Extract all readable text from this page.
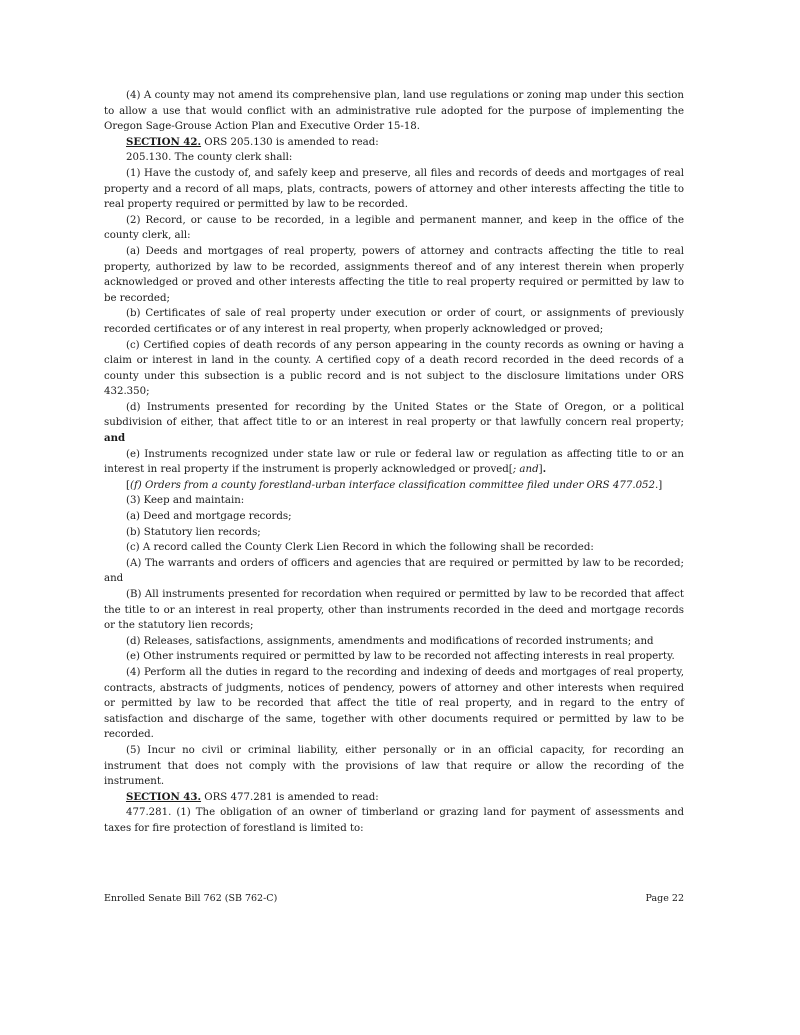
(4) A county may not amend its comprehensive plan, land use regulations or zoning map under this section to allow a use that would conflict with an administrative rule adopted for the purpose of implementing the Oregon Sage-Grouse Action Plan and Executive Order 15-18.

SECTION 42. ORS 205.130 is amended to read:

205.130. The county clerk shall:

(1) Have the custody of, and safely keep and preserve, all files and records of deeds and mortgages of real property and a record of all maps, plats, contracts, powers of attorney and other interests affecting the title to real property required or permitted by law to be recorded.

(2) Record, or cause to be recorded, in a legible and permanent manner, and keep in the office of the county clerk, all:

(a) Deeds and mortgages of real property, powers of attorney and contracts affecting the title to real property, authorized by law to be recorded, assignments thereof and of any interest therein when properly acknowledged or proved and other interests affecting the title to real property required or permitted by law to be recorded;

(b) Certificates of sale of real property under execution or order of court, or assignments of previously recorded certificates or of any interest in real property, when properly acknowledged or proved;

(c) Certified copies of death records of any person appearing in the county records as owning or having a claim or interest in land in the county. A certified copy of a death record recorded in the deed records of a county under this subsection is a public record and is not subject to the disclosure limitations under ORS 432.350;

(d) Instruments presented for recording by the United States or the State of Oregon, or a political subdivision of either, that affect title to or an interest in real property or that lawfully concern real property; and

(e) Instruments recognized under state law or rule or federal law or regulation as affecting title to or an interest in real property if the instrument is properly acknowledged or proved[; and].

[(f) Orders from a county forestland-urban interface classification committee filed under ORS 477.052.]

(3) Keep and maintain:

(a) Deed and mortgage records;

(b) Statutory lien records;

(c) A record called the County Clerk Lien Record in which the following shall be recorded:

(A) The warrants and orders of officers and agencies that are required or permitted by law to be recorded; and

(B) All instruments presented for recordation when required or permitted by law to be recorded that affect the title to or an interest in real property, other than instruments recorded in the deed and mortgage records or the statutory lien records;

(d) Releases, satisfactions, assignments, amendments and modifications of recorded instruments; and

(e) Other instruments required or permitted by law to be recorded not affecting interests in real property.

(4) Perform all the duties in regard to the recording and indexing of deeds and mortgages of real property, contracts, abstracts of judgments, notices of pendency, powers of attorney and other interests when required or permitted by law to be recorded that affect the title of real property, and in regard to the entry of satisfaction and discharge of the same, together with other documents required or permitted by law to be recorded.

(5) Incur no civil or criminal liability, either personally or in an official capacity, for recording an instrument that does not comply with the provisions of law that require or allow the recording of the instrument.

SECTION 43. ORS 477.281 is amended to read:

477.281. (1) The obligation of an owner of timberland or grazing land for payment of assessments and taxes for fire protection of forestland is limited to:

Enrolled Senate Bill 762 (SB 762-C)	Page 22
